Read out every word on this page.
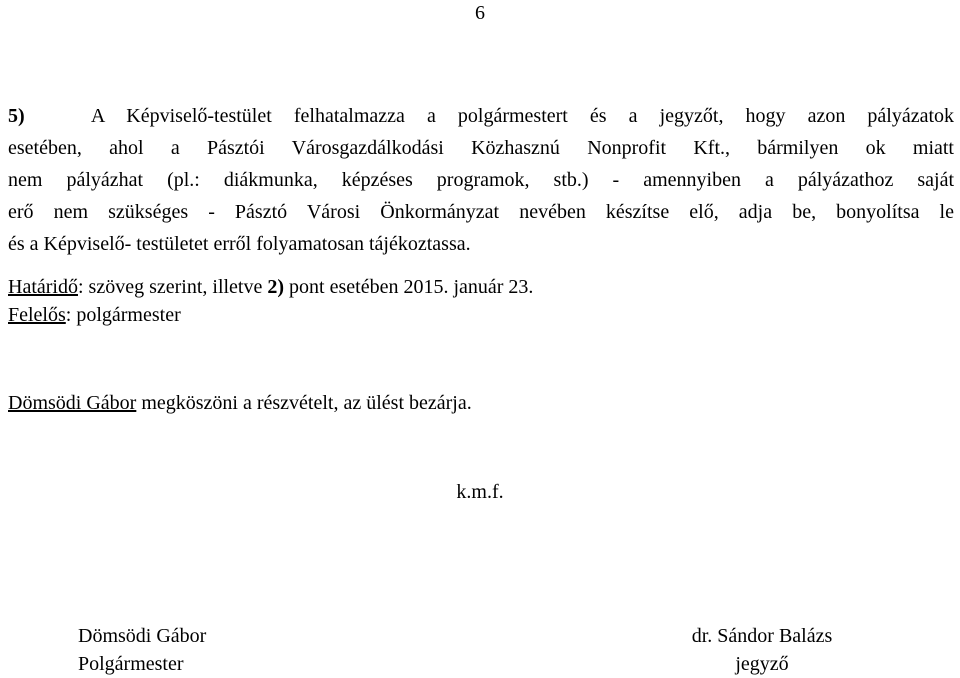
6
5)	A Képviselő-testület felhatalmazza a polgármestert és a jegyzőt, hogy azon pályázatok
esetében, ahol a Pásztói Városgazdálkodási Közhasznú Nonprofit Kft., bármilyen ok miatt
nem pályázhat (pl.: diákmunka, képzéses programok, stb.) - amennyiben a pályázathoz saját
erő nem szükséges - Pásztó Városi Önkormányzat nevében készítse elő, adja be, bonyolítsa le
és a Képviselő- testületet erről folyamatosan tájékoztassa.
Határidő: szöveg szerint, illetve 2) pont esetében 2015. január 23.
Felelős: polgármester
Dömsödi Gábor megköszöni a részvételt, az ülést bezárja.
k.m.f.
Dömsödi Gábor
Polgármester
dr. Sándor Balázs
jegyző
